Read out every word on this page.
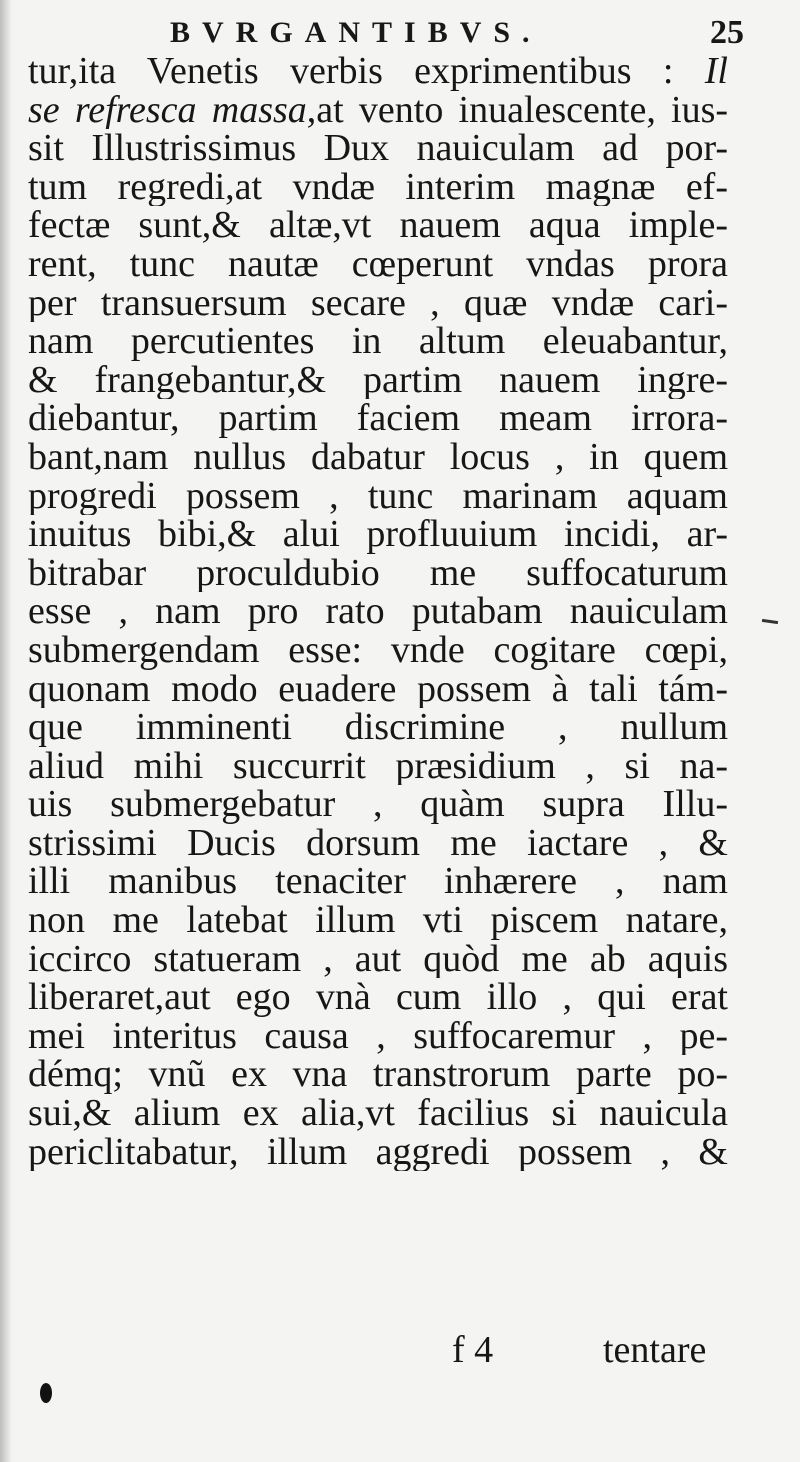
BVRGANTIBVS.	25
tur,ita Venetis verbis exprimentibus : Il
se refresca massa,at vento inualescente, ius-
sit Illustrissimus Dux nauiculam ad por-
tum regredi,at vndæ interim magnæ ef-
fectæ sunt,& altæ,vt nauem aqua imple-
rent, tunc nautæ cœperunt vndas prora
per transuersum secare , quæ vndæ cari-
nam percutientes in altum eleuabantur,
& frangebantur,& partim nauem ingre-
diebantur, partim faciem meam irrora-
bant,nam nullus dabatur locus , in quem
progredi possem , tunc marinam aquam
inuitus bibi,& alui profluuium incidi, ar-
bitrabar proculdubio me suffocaturum
esse , nam pro rato putabam nauiculam
submergendam esse: vnde cogitare cœpi,
quonam modo euadere possem à tali tám-
que imminenti discrimine , nullum
aliud mihi succurrit præsidium , si na-
uis submergebatur , quàm supra Illu-
strissimi Ducis dorsum me iactare , &
illi manibus tenaciter inhærere , nam
non me latebat illum vti piscem natare,
iccirco statueram , aut quòd me ab aquis
liberaret,aut ego vnà cum illo , qui erat
mei interitus causa , suffocaremur , pe-
démq; vnũ ex vna transtrorum parte po-
sui,& alium ex alia,vt facilius si nauicula
periclitabatur, illum aggredi possem , &
f 4	tentare
